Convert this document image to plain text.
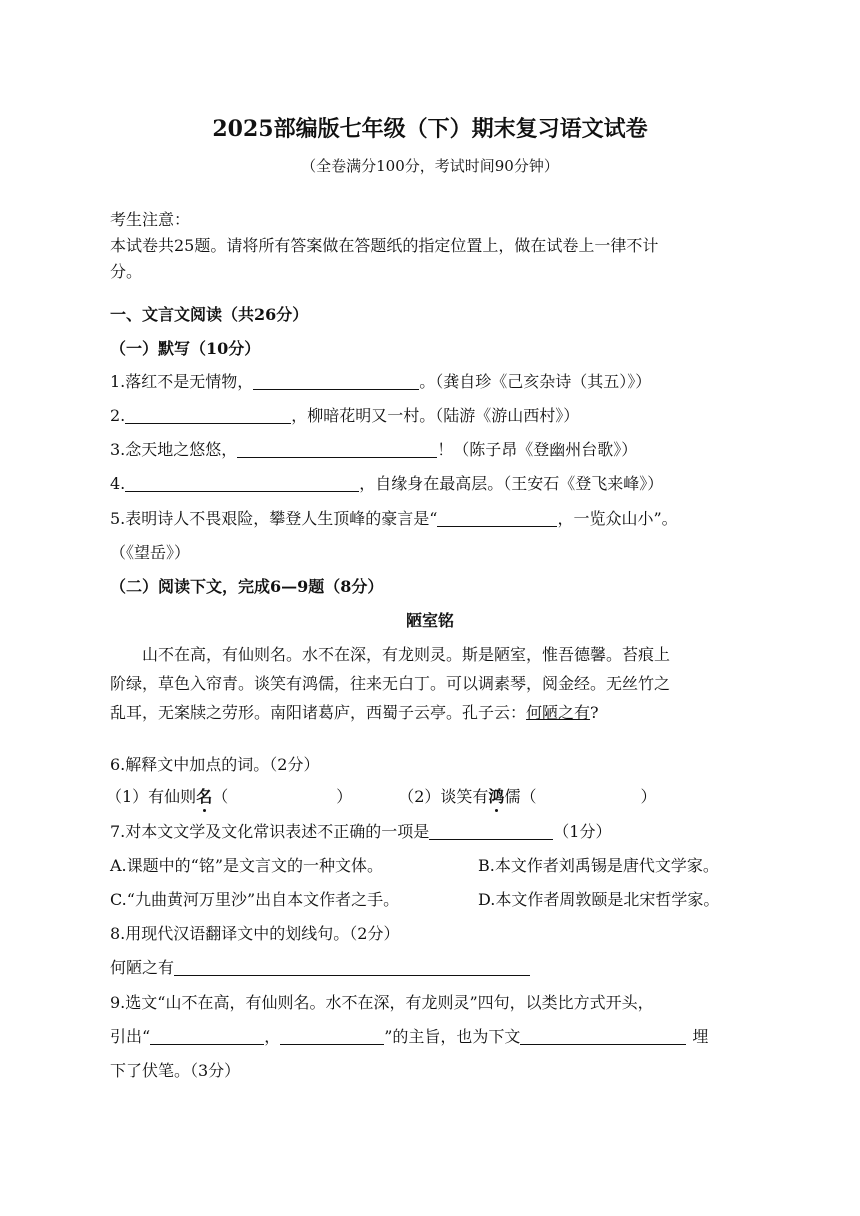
2025部编版七年级（下）期末复习语文试卷
（全卷满分100分，考试时间90分钟）
考生注意：
本试卷共25题。请将所有答案做在答题纸的指定位置上，做在试卷上一律不计
分。
一、文言文阅读（共26分）
（一）默写（10分）
1.落红不是无情物，	。（龚自珍《己亥杂诗（其五）》）
2.	，柳暗花明又一村。（陆游《游山西村》）
3.念天地之悠悠，	！（陈子昂《登幽州台歌》）
4.	，自缘身在最高层。（王安石《登飞来峰》）
5.表明诗人不畏艰险，攀登人生顶峰的豪言是“	，一览众山小”。
（《望岳》）
（二）阅读下文，完成6—9题（8分）
陋室铭
山不在高，有仙则名。水不在深，有龙则灵。斯是陋室，惟吾德馨。苔痕上
阶绿，草色入帘青。谈笑有鸿儒，往来无白丁。可以调素琴，阅金经。无丝竹之
乱耳，无案牍之劳形。南阳诸葛庐，西蜀子云亭。孔子云：何陋之有?
6.解释文中加点的词。（2分）
（1）有仙则名（	）	（2）谈笑有鸿儒（	）
7.对本文文学及文化常识表述不正确的一项是	（1分）
A.课题中的“铭”是文言文的一种文体。	B.本文作者刘禹锡是唐代文学家。
C.“九曲黄河万里沙”出自本文作者之手。	D.本文作者周敦颐是北宋哲学家。
8.用现代汉语翻译文中的划线句。（2分）
何陋之有
9.选文“山不在高，有仙则名。水不在深，有龙则灵”四句，以类比方式开头，
引出“	，	”的主旨，也为下文	埋
下了伏笔。（3分）
